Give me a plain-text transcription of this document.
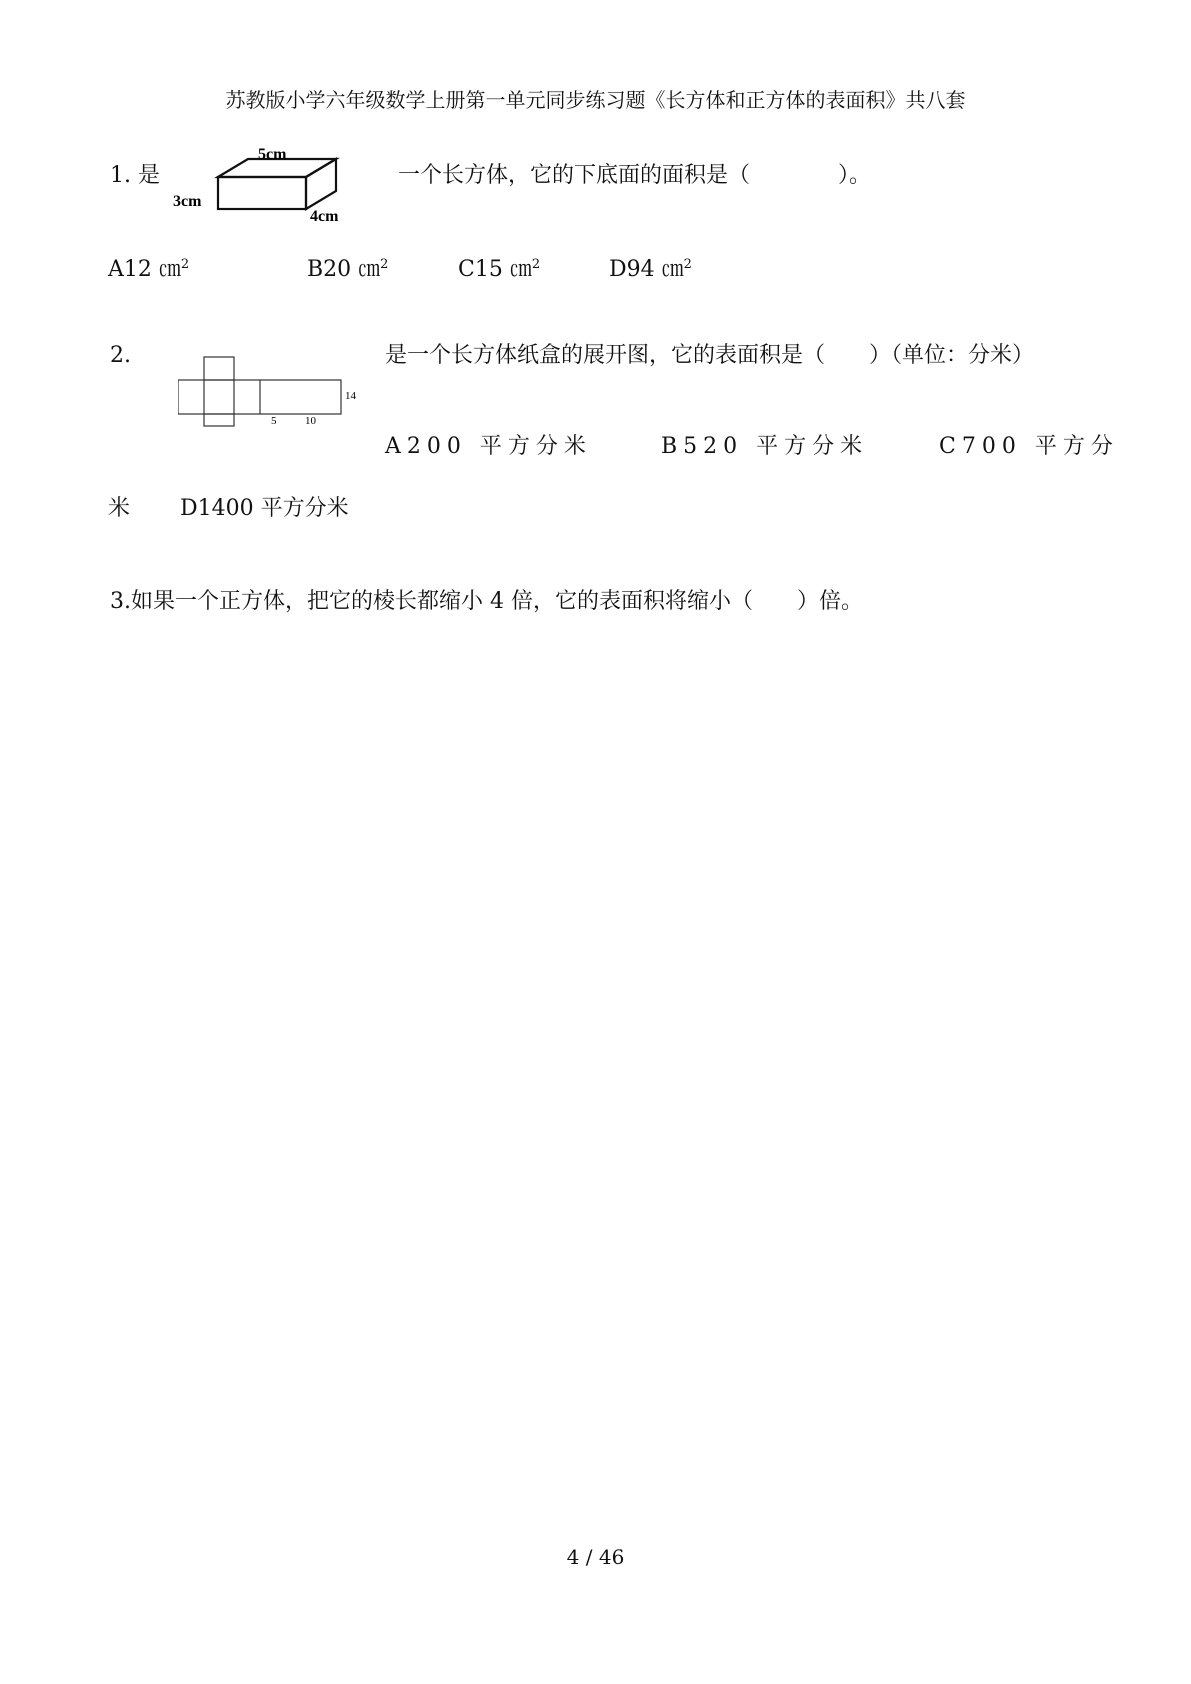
苏教版小学六年级数学上册第一单元同步练习题《长方体和正方体的表面积》共八套
1. 是
5cm
3cm
4cm
一个长方体，它的下底面的面积是（　　　　）。
A12 ㎝$^2$	B20 ㎝$^2$	C15 ㎝$^2$	D94 ㎝$^2$
2.
5	10
14
是一个长方体纸盒的展开图，它的表面积是（　　）（单位：分米）
A200 平方分米	B520 平方分米	C700 平方分
米 D1400 平方分米
3.如果一个正方体，把它的棱长都缩小 4 倍，它的表面积将缩小（　　）倍。
4 / 46
